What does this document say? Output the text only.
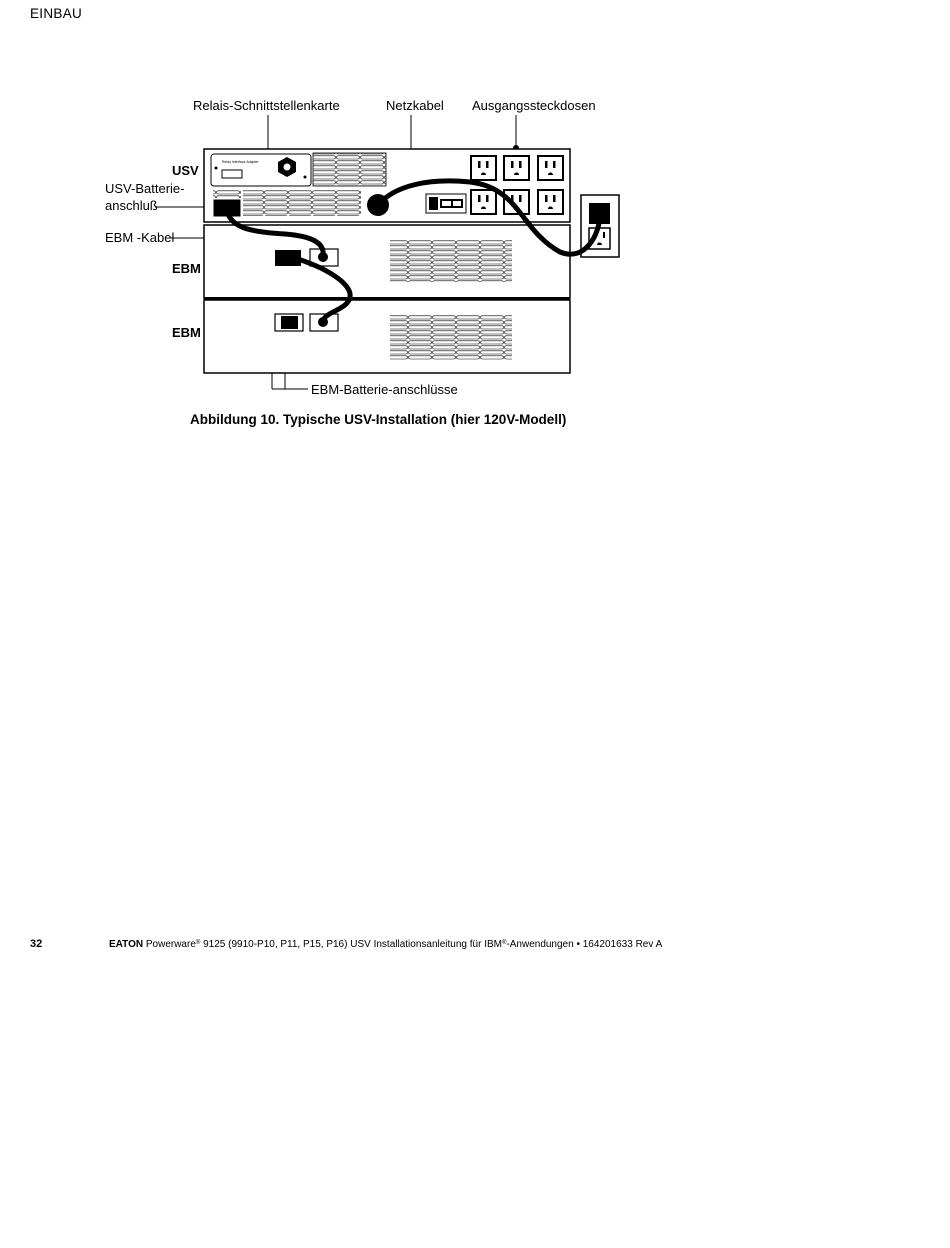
EINBAU
Relais-Schnittstellenkarte	Netzkabel Ausgangssteckdosen
USV
USV-Batterie-
anschluß
EBM -Kabel
EBM
EBM
EBM-Batterie-anschlüsse
Relay Interface Adapter
Abbildung 10. Typische USV-Installation (hier 120V-Modell)
32	EATON Powerware® 9125 (9910-P10, P11, P15, P16) USV Installationsanleitung für IBM®-Anwendungen • 164201633 Rev A
